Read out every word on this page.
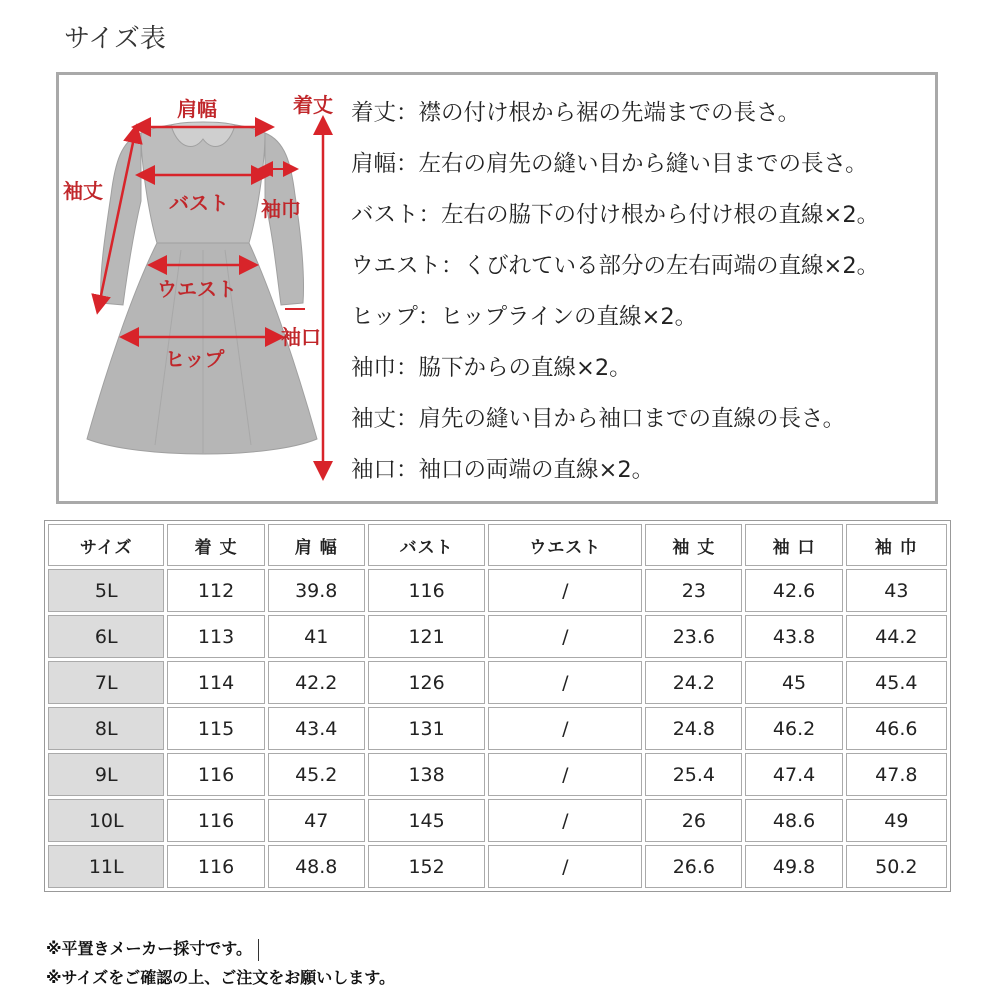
サイズ表
肩幅	着丈
袖丈	バスト 袖巾
ウエスト
袖口
ヒップ
着丈：襟の付け根から裾の先端までの長さ。
肩幅：左右の肩先の縫い目から縫い目までの長さ。
バスト：左右の脇下の付け根から付け根の直線×2。
ウエスト：くびれている部分の左右両端の直線×2。
ヒップ：ヒップラインの直線×2。
袖巾：脇下からの直線×2。
袖丈：肩先の縫い目から袖口までの直線の長さ。
袖口：袖口の両端の直線×2。
サイズ	着 丈	肩 幅	バスト	ウエスト	袖 丈	袖 口	袖 巾
5L	112	39.8	116	/	23	42.6	43
6L	113	41	121	/	23.6	43.8	44.2
7L	114	42.2	126	/	24.2	45	45.4
8L	115	43.4	131	/	24.8	46.2	46.6
9L	116	45.2	138	/	25.4	47.4	47.8
10L	116	47	145	/	26	48.6	49
11L	116	48.8	152	/	26.6	49.8	50.2
※平置きメーカー採寸です。
※サイズをご確認の上、ご注文をお願いします。
